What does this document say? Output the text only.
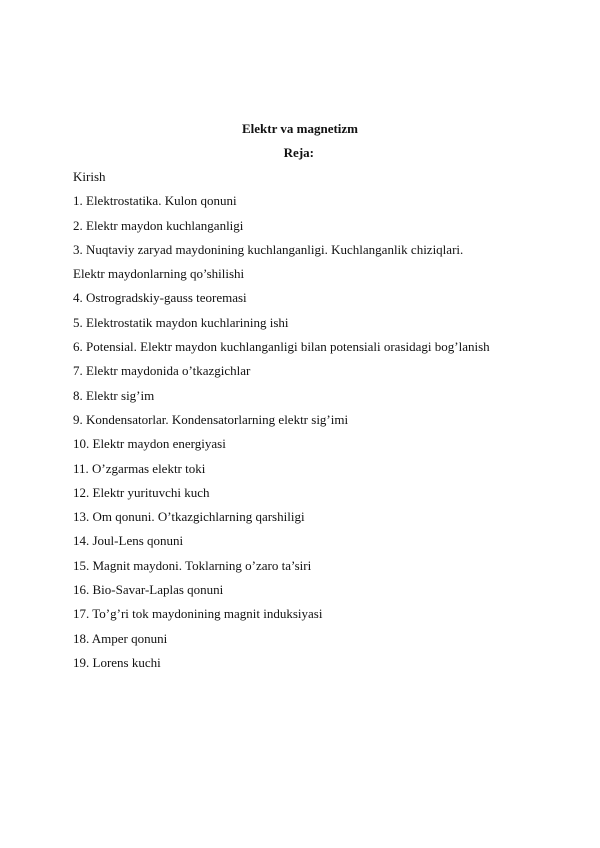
Elektr va magnetizm
Reja:
Kirish
1. Elektrostatika. Kulon qonuni
2. Elektr maydon kuchlanganligi
3. Nuqtaviy zaryad maydonining kuchlanganligi. Kuchlanganlik chiziqlari.
Elektr maydonlarning qo’shilishi
4. Ostrogradskiy-gauss teoremasi
5. Elektrostatik maydon kuchlarining ishi
6. Potensial. Elektr maydon kuchlanganligi bilan potensiali orasidagi bog’lanish
7. Elektr maydonida o’tkazgichlar
8. Elektr sig’im
9. Kondensatorlar. Kondensatorlarning elektr sig’imi
10. Elektr maydon energiyasi
11. O’zgarmas elektr toki
12. Elektr yurituvchi kuch
13. Om qonuni. O’tkazgichlarning qarshiligi
14. Joul-Lens qonuni
15. Magnit maydoni. Toklarning o’zaro ta’siri
16. Bio-Savar-Laplas qonuni
17. To’g’ri tok maydonining magnit induksiyasi
18. Amper qonuni
19. Lorens kuchi
